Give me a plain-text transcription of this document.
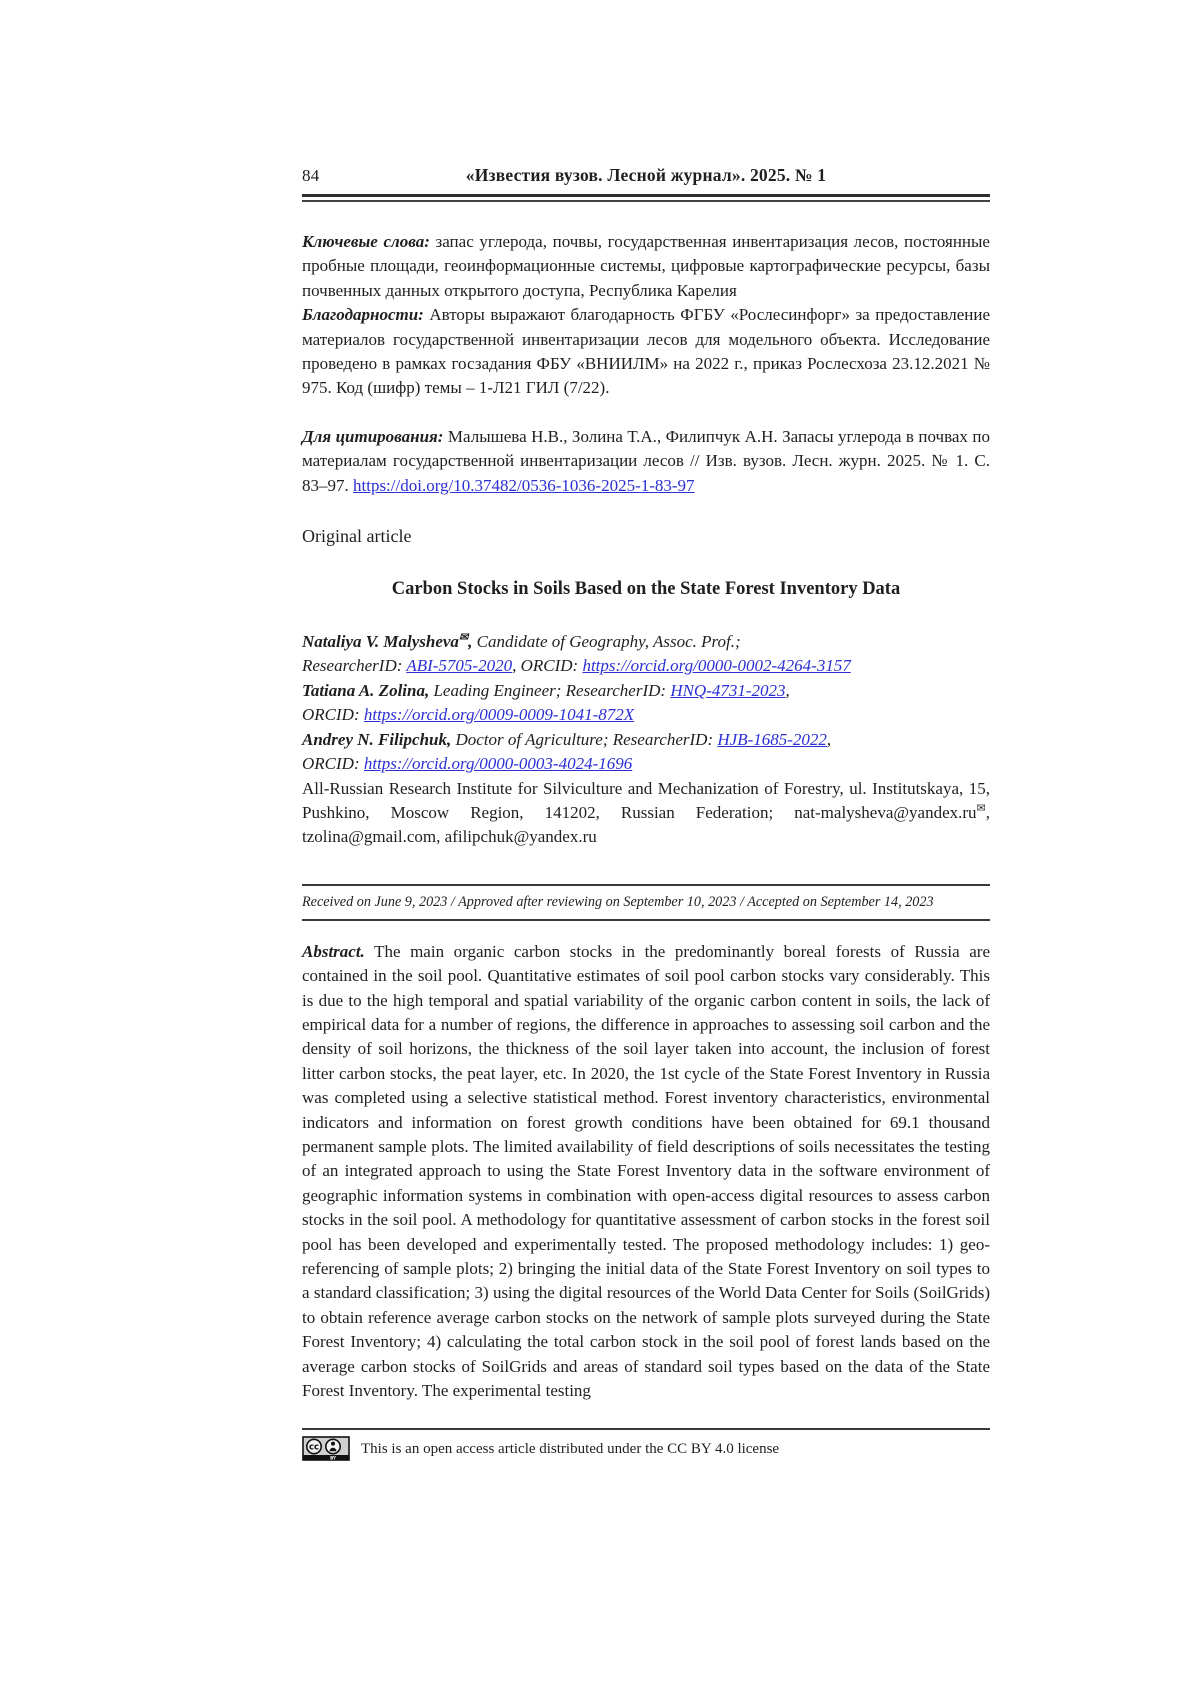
84	«Известия вузов. Лесной журнал». 2025. № 1

Ключевые слова: запас углерода, почвы, государственная инвентаризация лесов, постоянные пробные площади, геоинформационные системы, цифровые картографические ресурсы, базы почвенных данных открытого доступа, Республика Карелия

Благодарности: Авторы выражают благодарность ФГБУ «Рослесинфорг» за предоставление материалов государственной инвентаризации лесов для модельного объекта. Исследование проведено в рамках госзадания ФБУ «ВНИИЛМ» на 2022 г., приказ Рослесхоза 23.12.2021 № 975. Код (шифр) темы – 1-Л21 ГИЛ (7/22).

Для цитирования: Малышева Н.В., Золина Т.А., Филипчук А.Н. Запасы углерода в почвах по материалам государственной инвентаризации лесов // Изв. вузов. Лесн. журн. 2025. № 1. С. 83–97. https://doi.org/10.37482/0536-1036-2025-1-83-97

Original article

Carbon Stocks in Soils Based on the State Forest Inventory Data
Nataliya V. Malysheva✉, Candidate of Geography, Assoc. Prof.;
ResearcherID: ABI-5705-2020, ORCID: https://orcid.org/0000-0002-4264-3157
Tatiana A. Zolina, Leading Engineer; ResearcherID: HNQ-4731-2023,
ORCID: https://orcid.org/0009-0009-1041-872X
Andrey N. Filipchuk, Doctor of Agriculture; ResearcherID: HJB-1685-2022,
ORCID: https://orcid.org/0000-0003-4024-1696

All-Russian Research Institute for Silviculture and Mechanization of Forestry, ul. Institutskaya, 15, Pushkino, Moscow Region, 141202, Russian Federation; nat-malysheva@yandex.ru✉, tzolina@gmail.com, afilipchuk@yandex.ru

Received on June 9, 2023 / Approved after reviewing on September 10, 2023 / Accepted on September 14, 2023

Abstract. The main organic carbon stocks in the predominantly boreal forests of Russia are contained in the soil pool. Quantitative estimates of soil pool carbon stocks vary considerably. This is due to the high temporal and spatial variability of the organic carbon content in soils, the lack of empirical data for a number of regions, the difference in approaches to assessing soil carbon and the density of soil horizons, the thickness of the soil layer taken into account, the inclusion of forest litter carbon stocks, the peat layer, etc. In 2020, the 1st cycle of the State Forest Inventory in Russia was completed using a selective statistical method. Forest inventory characteristics, environmental indicators and information on forest growth conditions have been obtained for 69.1 thousand permanent sample plots. The limited availability of field descriptions of soils necessitates the testing of an integrated approach to using the State Forest Inventory data in the software environment of geographic information systems in combination with open-access digital resources to assess carbon stocks in the soil pool. A methodology for quantitative assessment of carbon stocks in the forest soil pool has been developed and experimentally tested. The proposed methodology includes: 1) geo-referencing of sample plots; 2) bringing the initial data of the State Forest Inventory on soil types to a standard classification; 3) using the digital resources of the World Data Center for Soils (SoilGrids) to obtain reference average carbon stocks on the network of sample plots surveyed during the State Forest Inventory; 4) calculating the total carbon stock in the soil pool of forest lands based on the average carbon stocks of SoilGrids and areas of standard soil types based on the data of the State Forest Inventory. The experimental testing

cc
BY
This is an open access article distributed under the CC BY 4.0 license
